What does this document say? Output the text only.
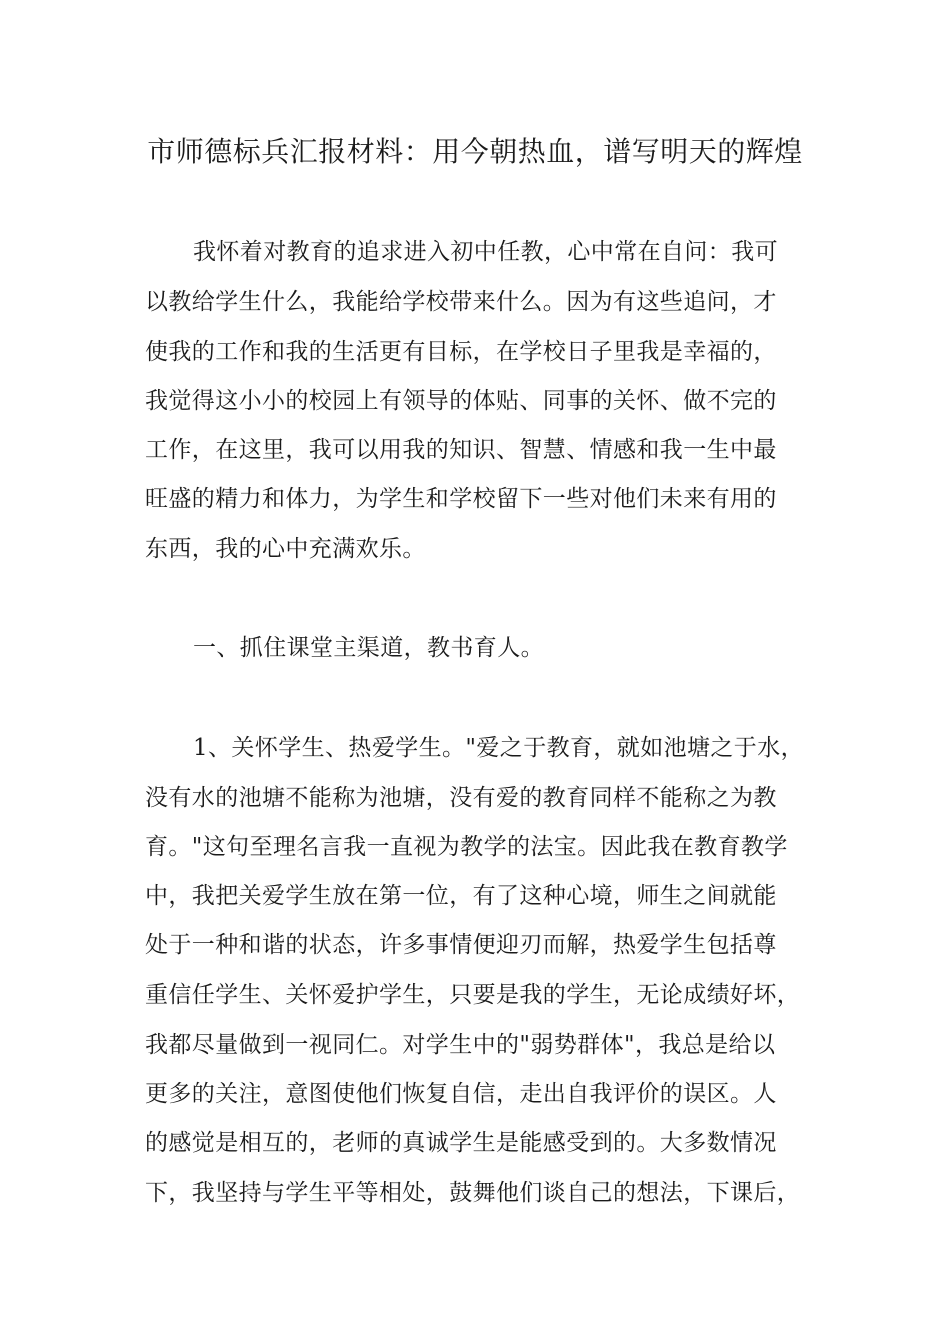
市师德标兵汇报材料：用今朝热血，谱写明天的辉煌
我怀着对教育的追求进入初中任教，心中常在自问：我可
以教给学生什么，我能给学校带来什么。因为有这些追问，才
使我的工作和我的生活更有目标，在学校日子里我是幸福的，
我觉得这小小的校园上有领导的体贴、同事的关怀、做不完的
工作，在这里，我可以用我的知识、智慧、情感和我一生中最
旺盛的精力和体力，为学生和学校留下一些对他们未来有用的
东西，我的心中充满欢乐。
一、抓住课堂主渠道，教书育人。
1、关怀学生、热爱学生。"爱之于教育，就如池塘之于水，
没有水的池塘不能称为池塘，没有爱的教育同样不能称之为教
育。"这句至理名言我一直视为教学的法宝。因此我在教育教学
中，我把关爱学生放在第一位，有了这种心境，师生之间就能
处于一种和谐的状态，许多事情便迎刃而解，热爱学生包括尊
重信任学生、关怀爱护学生，只要是我的学生，无论成绩好坏，
我都尽量做到一视同仁。对学生中的"弱势群体"，我总是给以
更多的关注，意图使他们恢复自信，走出自我评价的误区。人
的感觉是相互的，老师的真诚学生是能感受到的。大多数情况
下，我坚持与学生平等相处，鼓舞他们谈自己的想法，下课后，
